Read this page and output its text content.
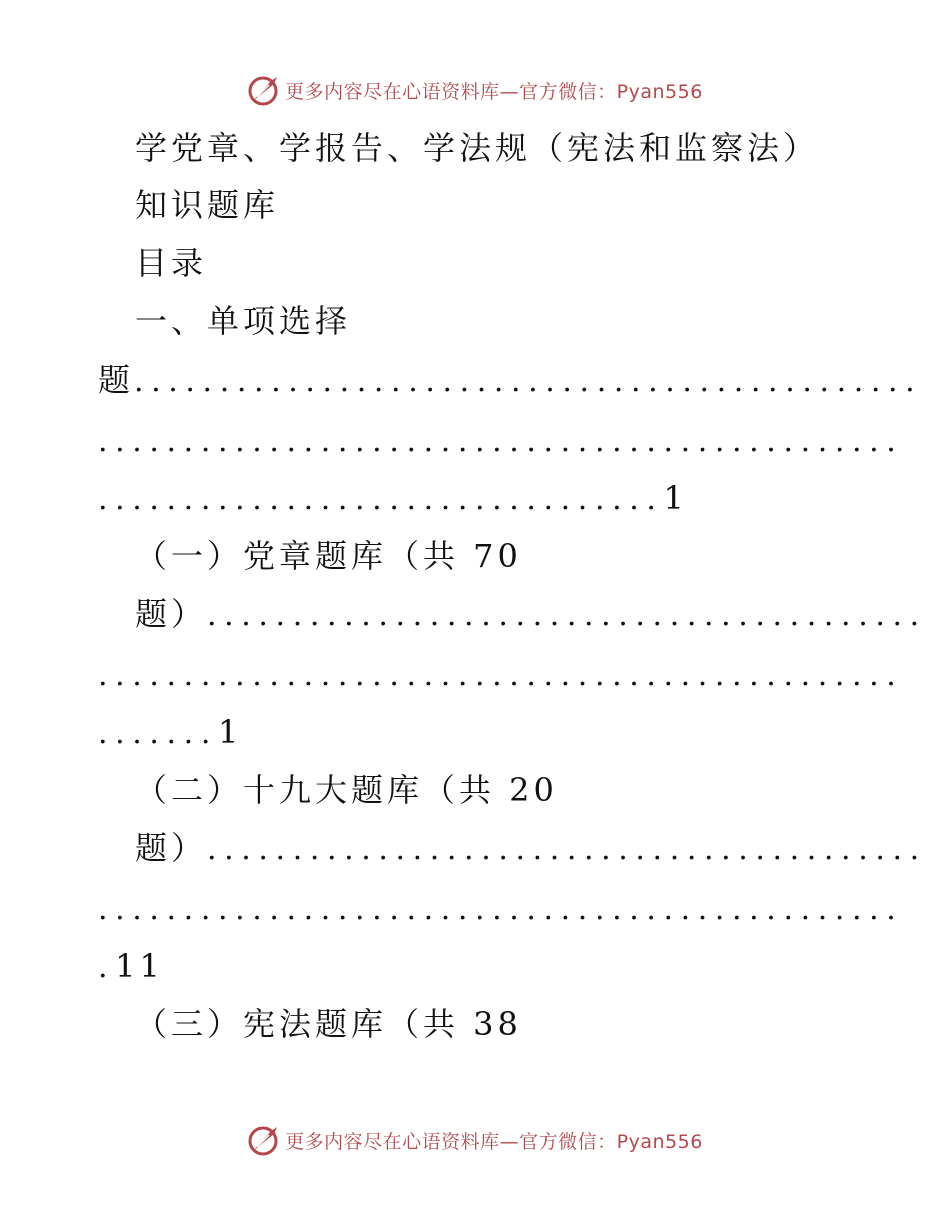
更多内容尽在心语资料库—官方微信：Pyan556
学党章、学报告、学法规（宪法和监察法）
知识题库
目录
一、单项选择
题..............................................
...............................................
.................................1
（一）党章题库（共 70
题）..........................................
...............................................
.......1
（二）十九大题库（共 20
题）..........................................
...............................................
.11
（三）宪法题库（共 38
更多内容尽在心语资料库—官方微信：Pyan556
